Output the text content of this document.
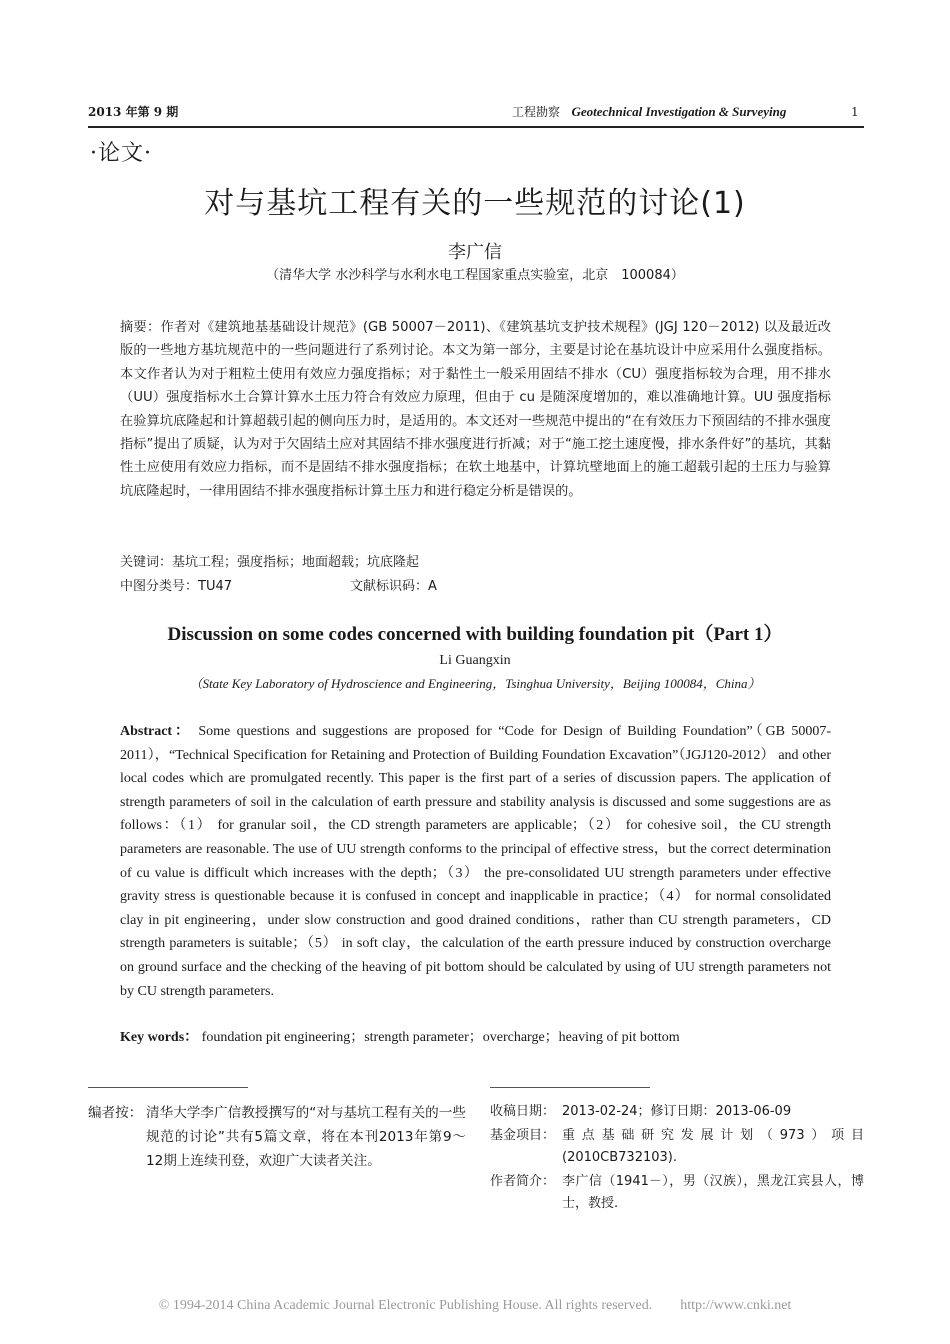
2013 年第 9 期	工程勘察 Geotechnical Investigation & Surveying	1
·论文·
对与基坑工程有关的一些规范的讨论(1)
李广信
（清华大学 水沙科学与水利水电工程国家重点实验室，北京　100084）
摘要：作者对《建筑地基基础设计规范》(GB 50007－2011)、《建筑基坑支护技术规程》(JGJ 120－2012) 以及最近改版的一些地方基坑规范中的一些问题进行了系列讨论。本文为第一部分，主要是讨论在基坑设计中应采用什么强度指标。本文作者认为对于粗粒土使用有效应力强度指标；对于黏性土一般采用固结不排水（CU）强度指标较为合理，用不排水（UU）强度指标水土合算计算水土压力符合有效应力原理，但由于 cu 是随深度增加的，难以准确地计算。UU 强度指标在验算坑底隆起和计算超载引起的侧向压力时，是适用的。本文还对一些规范中提出的“在有效压力下预固结的不排水强度指标”提出了质疑，认为对于欠固结土应对其固结不排水强度进行折减；对于“施工挖土速度慢，排水条件好”的基坑，其黏性土应使用有效应力指标，而不是固结不排水强度指标；在软土地基中，计算坑壁地面上的施工超载引起的土压力与验算坑底隆起时，一律用固结不排水强度指标计算土压力和进行稳定分析是错误的。
关键词：基坑工程；强度指标；地面超载；坑底隆起
中图分类号：TU47	文献标识码：A
Discussion on some codes concerned with building foundation pit（Part 1）
Li Guangxin
（State Key Laboratory of Hydroscience and Engineering，Tsinghua University，Beijing 100084，China）
Abstract： Some questions and suggestions are proposed for “Code for Design of Building Foundation”（GB 50007-2011），“Technical Specification for Retaining and Protection of Building Foundation Excavation”（JGJ120-2012） and other local codes which are promulgated recently. This paper is the first part of a series of discussion papers. The application of strength parameters of soil in the calculation of earth pressure and stability analysis is discussed and some suggestions are as follows：（1） for granular soil，the CD strength parameters are applicable；（2） for cohesive soil，the CU strength parameters are reasonable. The use of UU strength conforms to the principal of effective stress，but the correct determination of cu value is difficult which increases with the depth；（3） the pre-consolidated UU strength parameters under effective gravity stress is questionable because it is confused in concept and inapplicable in practice；（4） for normal consolidated clay in pit engineering，under slow construction and good drained conditions，rather than CU strength parameters，CD strength parameters is suitable；（5） in soft clay，the calculation of the earth pressure induced by construction overcharge on ground surface and the checking of the heaving of pit bottom should be calculated by using of UU strength parameters not by CU strength parameters.
Key words： foundation pit engineering；strength parameter；overcharge；heaving of pit bottom
编者按： 清华大学李广信教授撰写的“对与基坑工程有关的一些规范的讨论”共有5篇文章，将在本刊2013年第9～12期上连续刊登，欢迎广大读者关注。
收稿日期： 2013-02-24；修订日期：2013-06-09
基金项目： 重点基础研究发展计划（973）项目(2010CB732103).
作者简介： 李广信（1941－），男（汉族），黑龙江宾县人，博士，教授.
© 1994-2014 China Academic Journal Electronic Publishing House. All rights reserved.　　http://www.cnki.net
